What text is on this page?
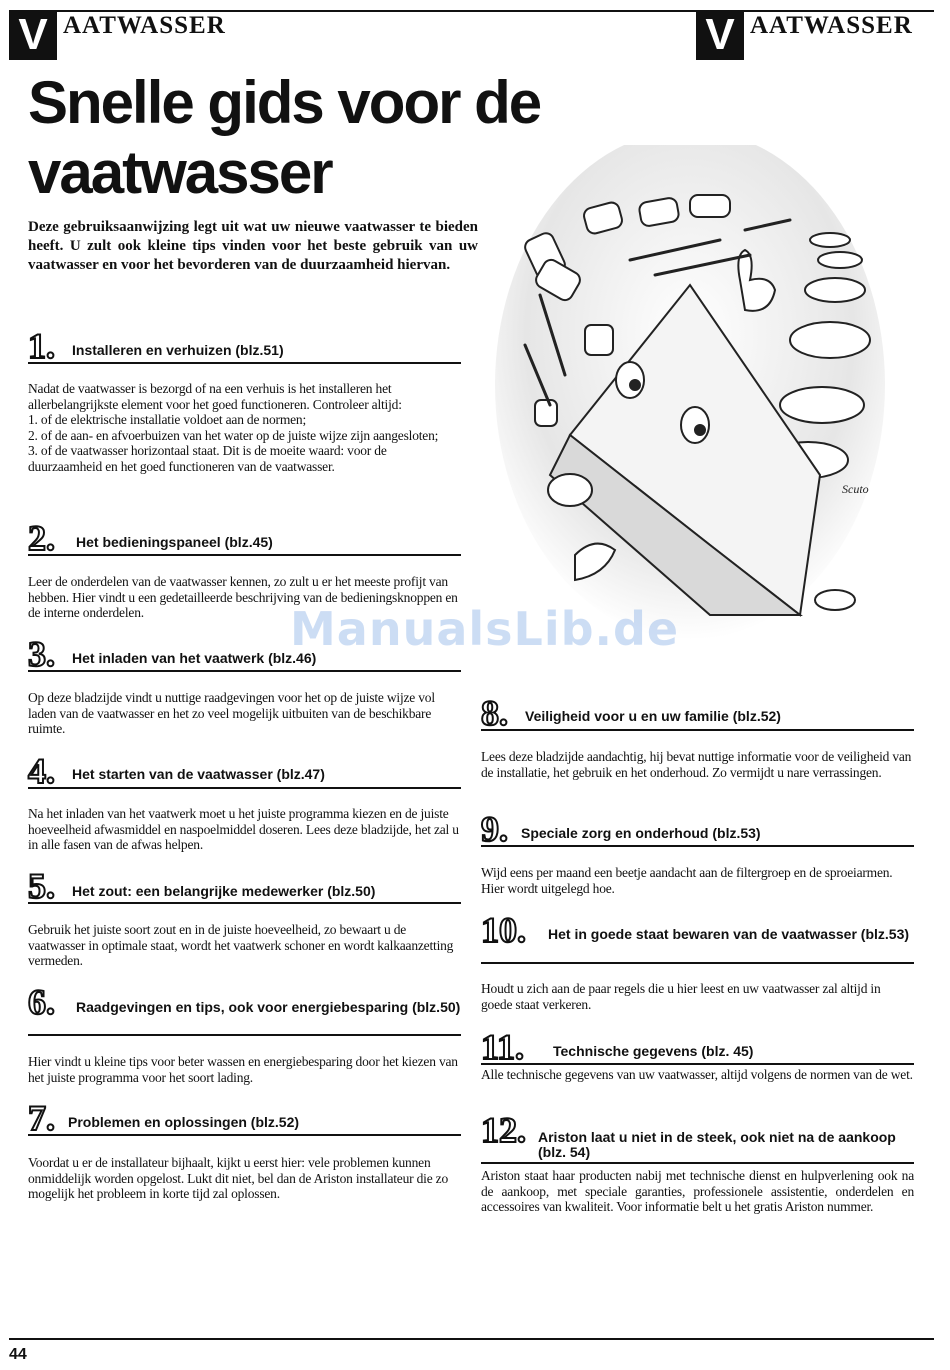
V AATWASSER	V AATWASSER
Snelle gids voor de
vaatwasser

Deze gebruiksaanwijzing legt uit wat uw nieuwe vaatwasser te bieden heeft. U zult ook kleine tips vinden voor het beste gebruik van uw vaatwasser en voor het bevorderen van de duurzaamheid hiervan.

Scuto
ManualsLib.de
1. Installeren en verhuizen (blz.51)

Nadat de vaatwasser is bezorgd of na een verhuis is het installeren het allerbelangrijkste element voor het goed functioneren. Controleer altijd:
1. of de elektrische installatie voldoet aan de normen;
2. of de aan- en afvoerbuizen van het water op de juiste wijze zijn aangesloten;
3. of de vaatwasser horizontaal staat. Dit is de moeite waard: voor de duurzaamheid en het goed functioneren van de vaatwasser.

2. Het bedieningspaneel (blz.45)

Leer de onderdelen van de vaatwasser kennen, zo zult u er het meeste profijt van hebben. Hier vindt u een gedetailleerde beschrijving van de bedieningsknoppen en de interne onderdelen.

3. Het inladen van het vaatwerk (blz.46)

Op deze bladzijde vindt u nuttige raadgevingen voor het op de juiste wijze vol laden van de vaatwasser en het zo veel mogelijk uitbuiten van de beschikbare ruimte.

4. Het starten van de vaatwasser (blz.47)

Na het inladen van het vaatwerk moet u het juiste programma kiezen en de juiste hoeveelheid afwasmiddel en naspoelmiddel doseren. Lees deze bladzijde, het zal u in alle fasen van de afwas helpen.

5. Het zout: een belangrijke medewerker (blz.50)

Gebruik het juiste soort zout en in de juiste hoeveelheid, zo bewaart u de vaatwasser in optimale staat, wordt het vaatwerk schoner en wordt kalkaanzetting vermeden.

6. Raadgevingen en tips, ook voor energiebesparing (blz.50)

Hier vindt u kleine tips voor beter wassen en energiebesparing door het kiezen van het juiste programma voor het soort lading.

7. Problemen en oplossingen (blz.52)

Voordat u er de installateur bijhaalt, kijkt u eerst hier: vele problemen kunnen onmiddelijk worden opgelost. Lukt dit niet, bel dan de Ariston installateur die zo mogelijk het probleem in korte tijd zal oplossen.

8. Veiligheid voor u en uw familie (blz.52)

Lees deze bladzijde aandachtig, hij bevat nuttige informatie voor de veiligheid van de installatie, het gebruik en het onderhoud. Zo vermijdt u nare verrassingen.

9. Speciale zorg en onderhoud (blz.53)

Wijd eens per maand een beetje aandacht aan de filtergroep en de sproeiarmen. Hier wordt uitgelegd hoe.

10. Het in goede staat bewaren van de vaatwasser (blz.53)

Houdt u zich aan de paar regels die u hier leest en uw vaatwasser zal altijd in goede staat verkeren.

11. Technische gegevens (blz. 45)

Alle technische gegevens van uw vaatwasser, altijd volgens de normen van de wet.

12. Ariston laat u niet in de steek, ook niet na de aankoop (blz. 54)

Ariston staat haar producten nabij met technische dienst en hulpverlening ook na de aankoop, met speciale garanties, professionele assistentie, onderdelen en accessoires van kwaliteit. Voor informatie belt u het gratis Ariston nummer.

44
